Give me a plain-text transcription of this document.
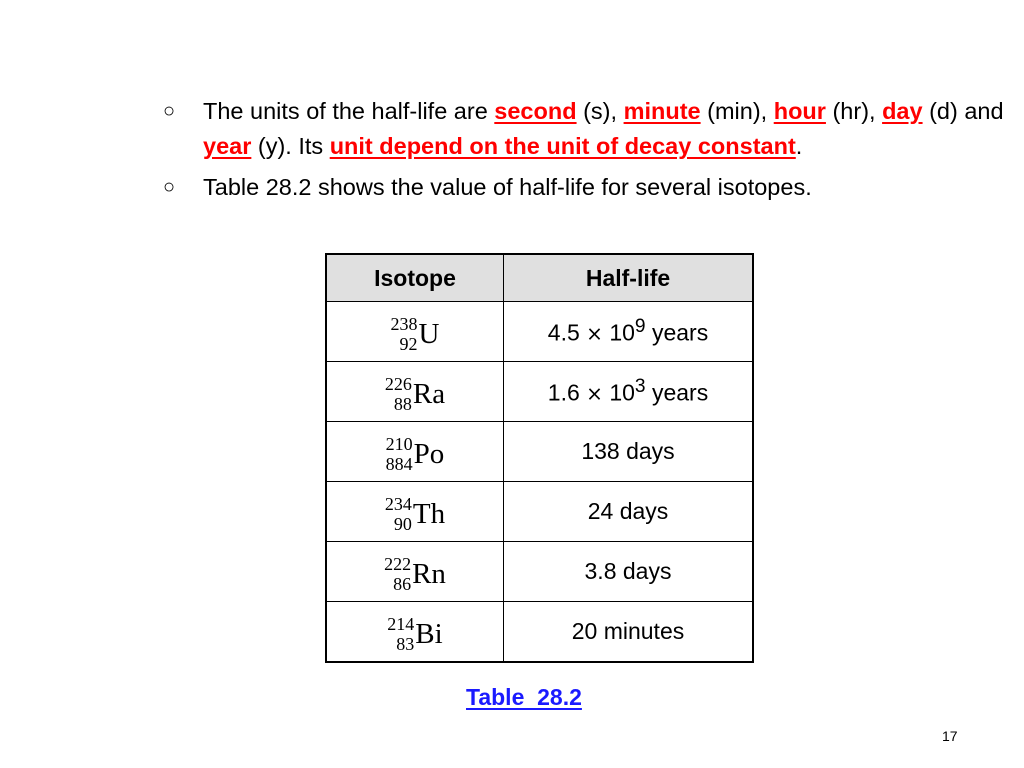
○ The units of the half-life are second (s), minute (min), hour (hr), day (d) and year (y). Its unit depend on the unit of decay constant.
○ Table 28.2 shows the value of half-life for several isotopes.
Isotope	Half-life

238
92 U	$4.5 \times 10^9$ years

226
88 Ra	$1.6 \times 10^3$ years

210
884 Po	138 days

234
90 Th	24 days

222
86 Rn	3.8 days

214
83 Bi	20 minutes
Table  28.2
17
